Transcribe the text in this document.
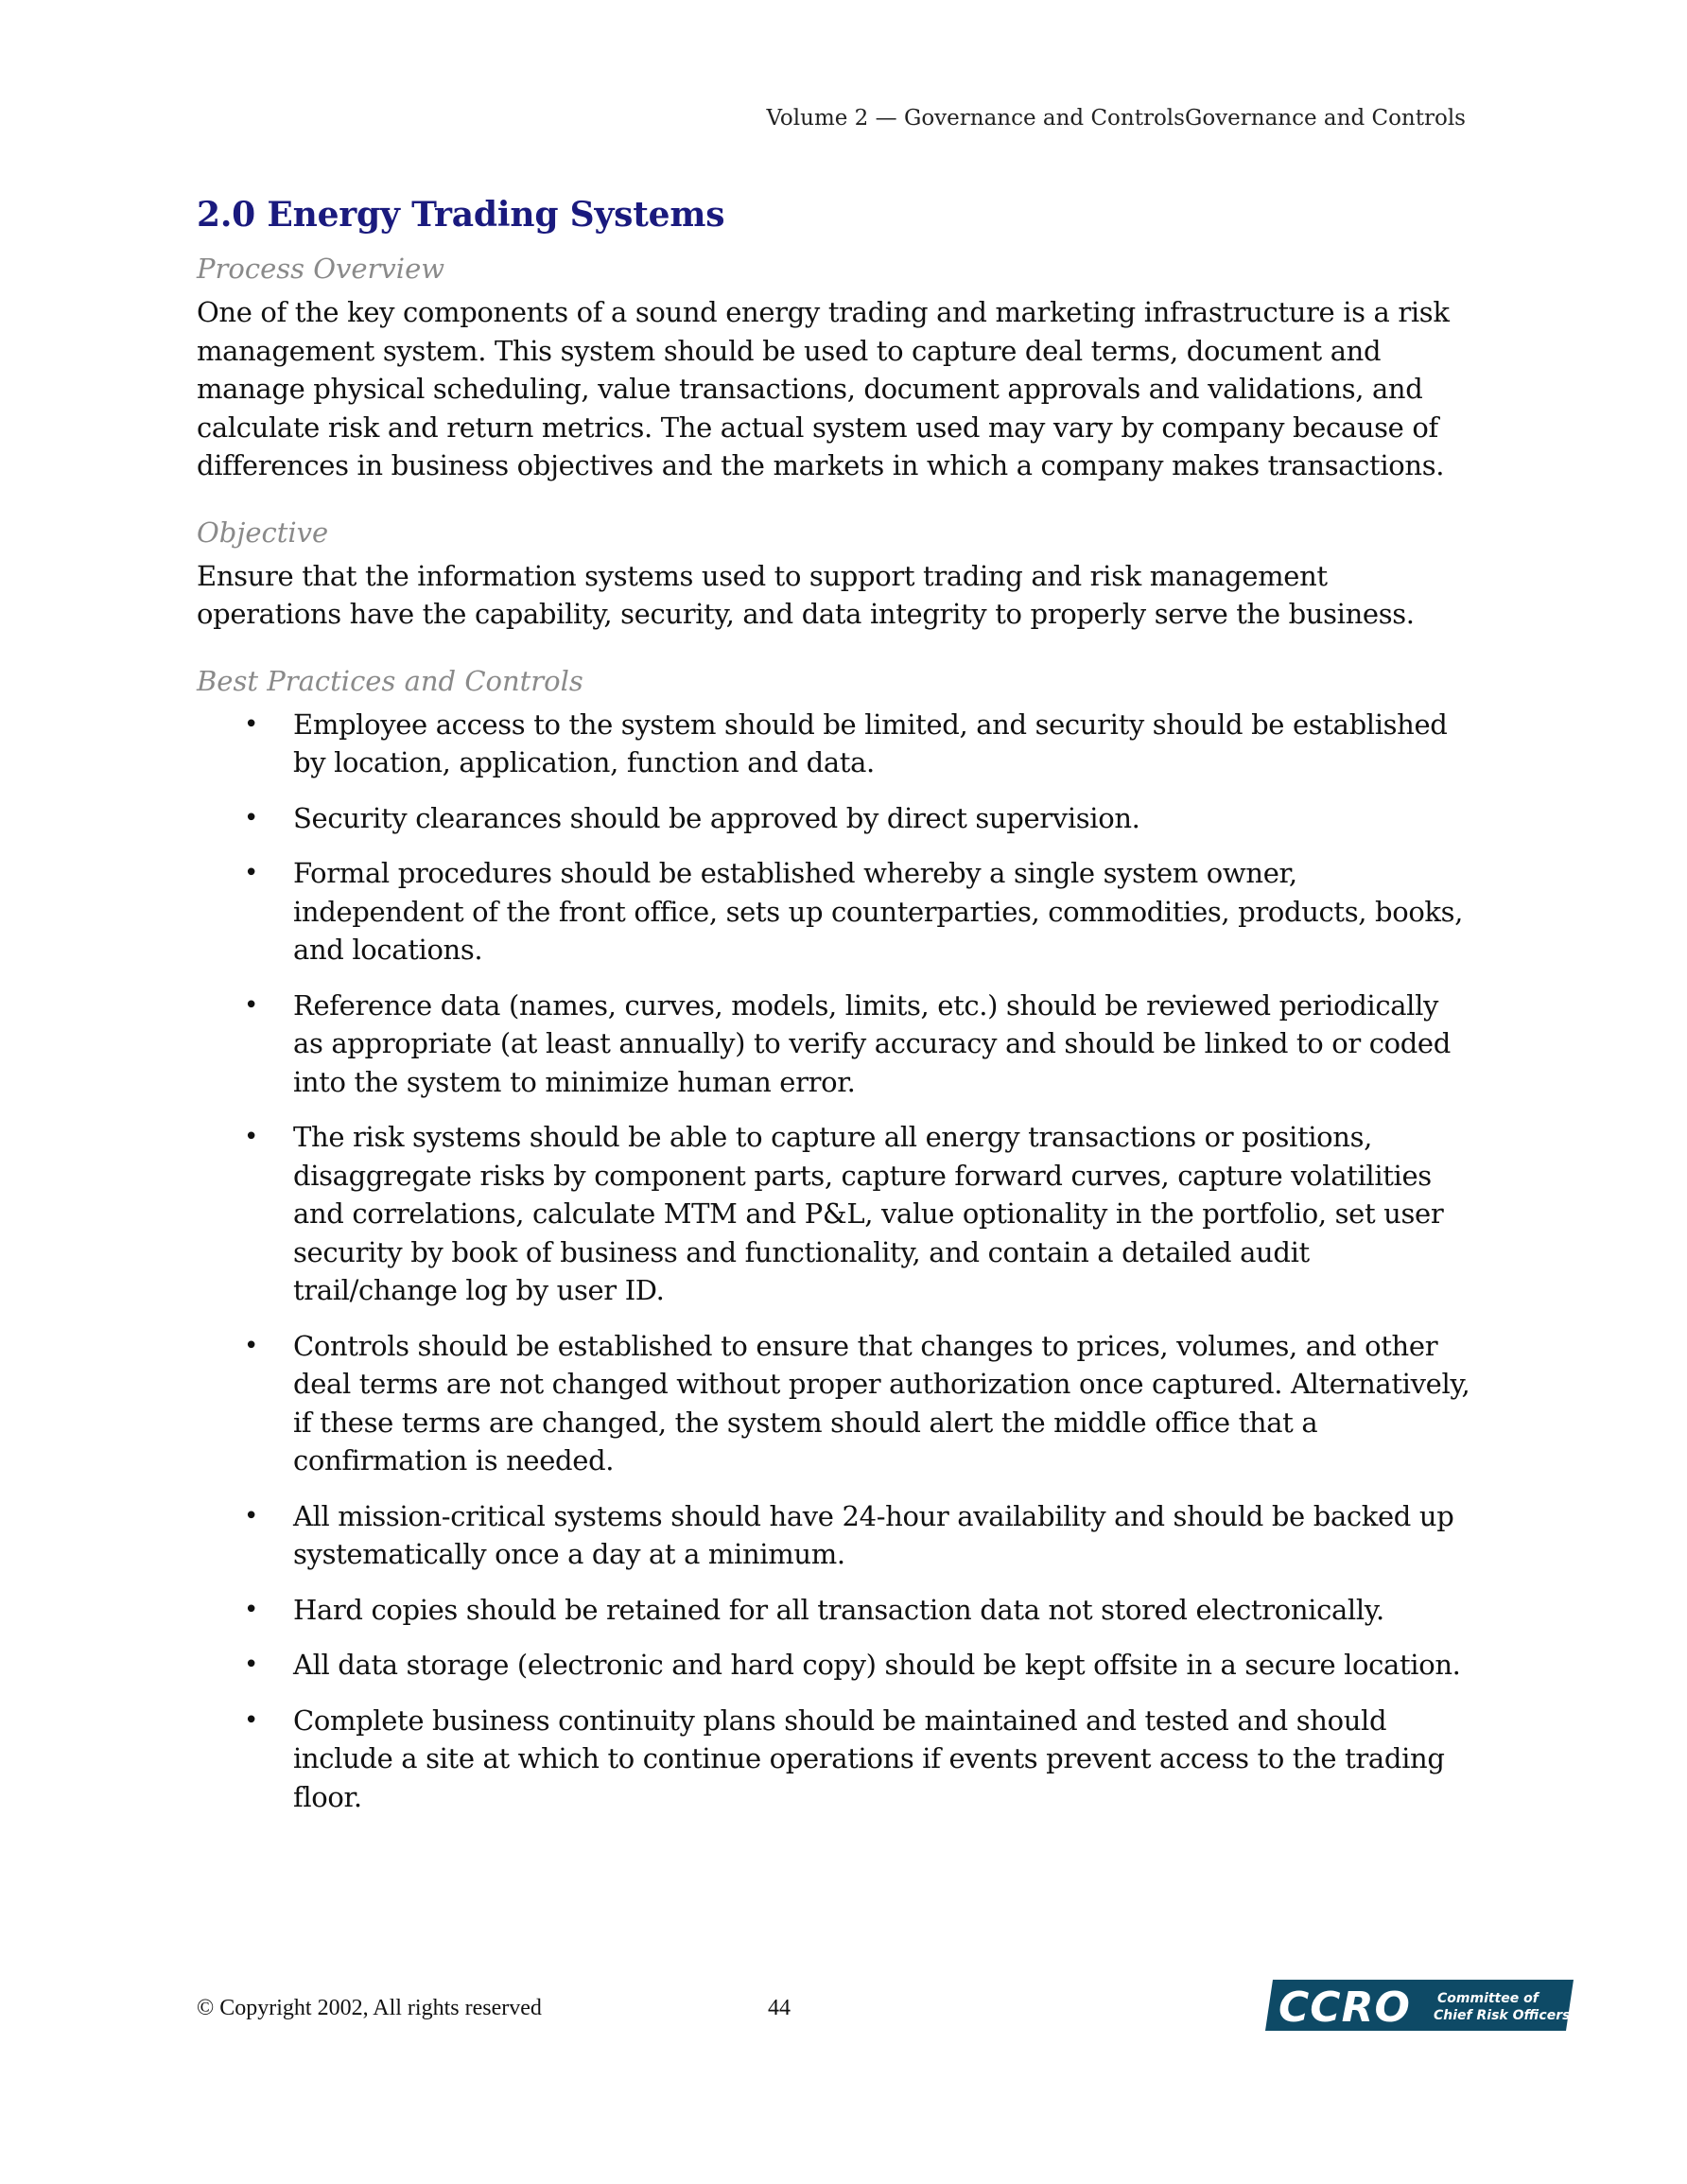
Volume 2 — Governance and ControlsGovernance and Controls
2.0 Energy Trading Systems
Process Overview

One of the key components of a sound energy trading and marketing infrastructure is a risk management system. This system should be used to capture deal terms, document and manage physical scheduling, value transactions, document approvals and validations, and calculate risk and return metrics. The actual system used may vary by company because of differences in business objectives and the markets in which a company makes transactions.

Objective

Ensure that the information systems used to support trading and risk management operations have the capability, security, and data integrity to properly serve the business.

Best Practices and Controls
• Employee access to the system should be limited, and security should be established by location, application, function and data.
• Security clearances should be approved by direct supervision.
• Formal procedures should be established whereby a single system owner, independent of the front office, sets up counterparties, commodities, products, books, and locations.
• Reference data (names, curves, models, limits, etc.) should be reviewed periodically as appropriate (at least annually) to verify accuracy and should be linked to or coded into the system to minimize human error.
• The risk systems should be able to capture all energy transactions or positions, disaggregate risks by component parts, capture forward curves, capture volatilities and correlations, calculate MTM and P&L, value optionality in the portfolio, set user security by book of business and functionality, and contain a detailed audit trail/change log by user ID.
• Controls should be established to ensure that changes to prices, volumes, and other deal terms are not changed without proper authorization once captured. Alternatively, if these terms are changed, the system should alert the middle office that a confirmation is needed.
• All mission-critical systems should have 24-hour availability and should be backed up systematically once a day at a minimum.
• Hard copies should be retained for all transaction data not stored electronically.
• All data storage (electronic and hard copy) should be kept offsite in a secure location.
• Complete business continuity plans should be maintained and tested and should include a site at which to continue operations if events prevent access to the trading floor.
© Copyright 2002, All rights reserved	44	CCRO Committee of
Chief Risk Officers
